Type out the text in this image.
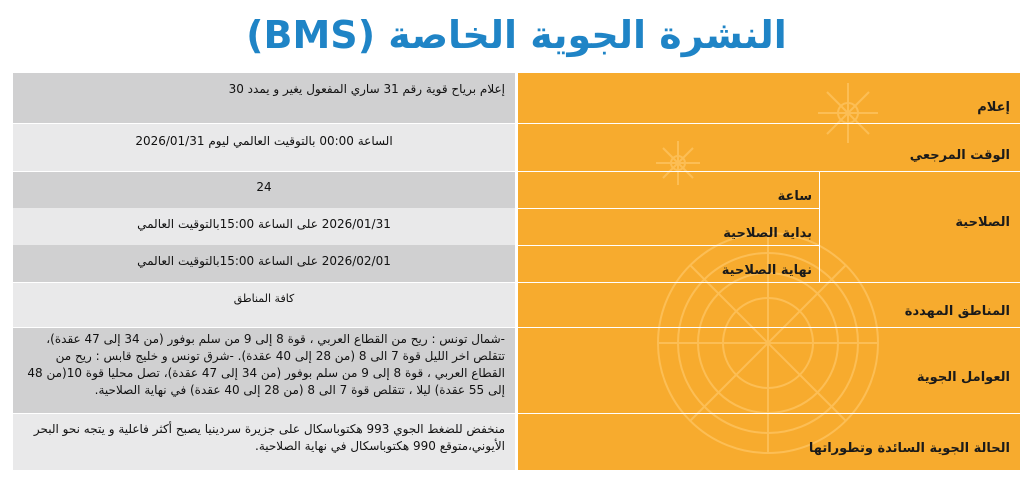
النشرة الجوية الخاصة (BMS)
إعلام
إعلام برياح قوية رقم 31 ساري المفعول يغير و يمدد 30
الوقت المرجعي
الساعة 00:00 بالتوقيت العالمي ليوم 2026/01/31
الصلاحية
ساعة
24
بداية الصلاحية
2026/01/31 على الساعة 15:00بالتوقيت العالمي
نهاية الصلاحية
2026/02/01 على الساعة 15:00بالتوقيت العالمي
المناطق المهددة
كافة المناطق
العوامل الجوية
-شمال تونس : ريح من القطاع العربي ، قوة 8 إلى 9 من سلم بوفور (من 34 إلى 47 عقدة)، تتقلص اخر الليل قوة 7 الى 8 (من 28 إلى 40 عقدة). -شرق تونس و خليج قابس : ريح من القطاع العربي ، قوة 8 إلى 9 من سلم بوفور (من 34 إلى 47 عقدة)، تصل محليا قوة 10(من 48 إلى 55 عقدة) ليلا ، تتقلص قوة 7 الى 8 (من 28 إلى 40 عقدة) في نهاية الصلاحية.
الحالة الجوية السائدة وتطوراتها
منخفض للضغط الجوي 993 هكتوباسكال على جزيرة سردينيا يصبح أكثر فاعلية و يتجه نحو البحر الأيوني،متوقع 990 هكتوباسكال في نهاية الصلاحية.
